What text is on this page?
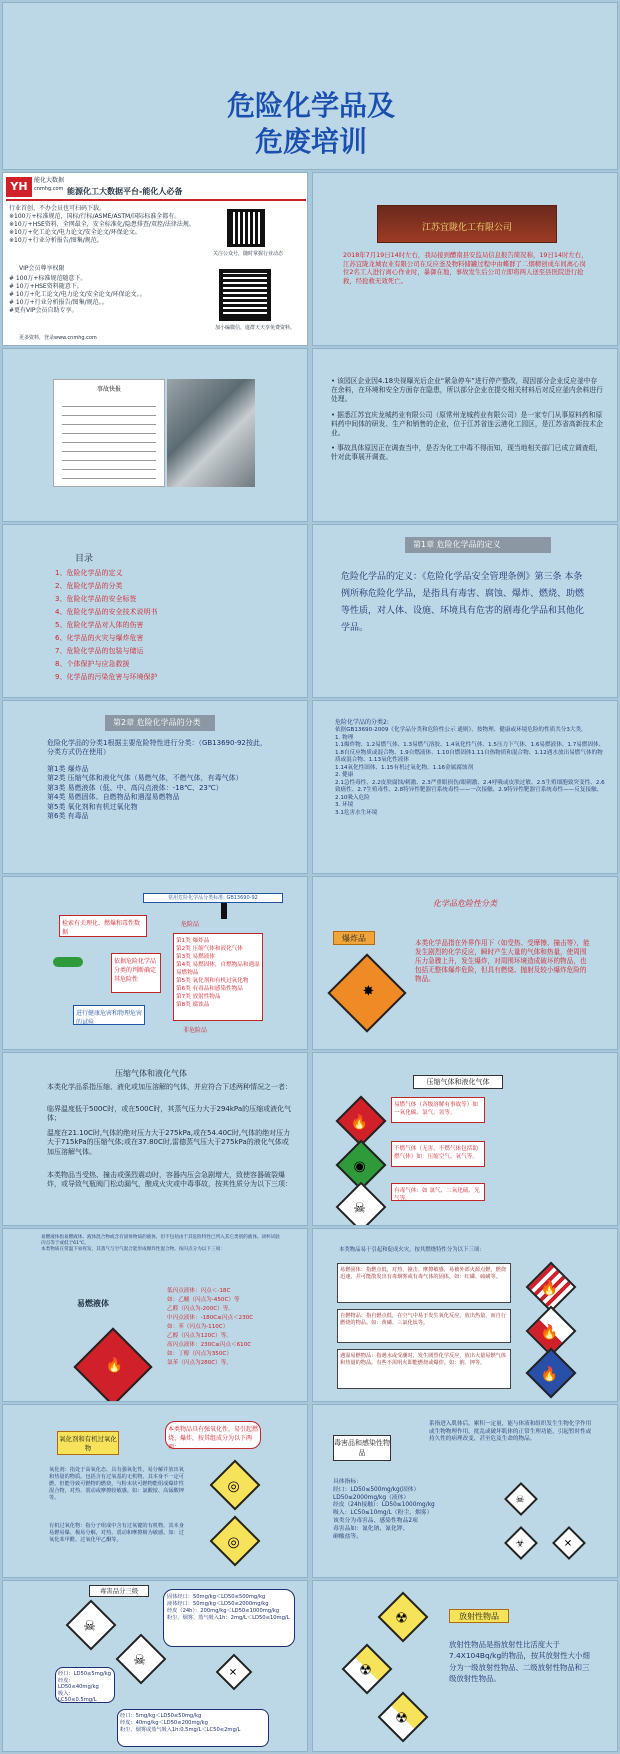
危险化学品及
危废培训
YH	能化大数据
cnmhg.com 能源化工大数据平台-能化人必备
行业首创、不办会员也可扫码下载。
※100万+标准规范，国标/行标/ASME/ASTM/国际标准全都有。
※10万+HSE资料，全网最全，安全标准化/隐患排查/双控/法律法规。
※10万+化工论文/电力论文/安全论文/环保论文。
※10万+行业分析报告/图集/规范。
VIP会员尊享权限
# 100万+标准规范随意下。
# 10万+HSE资料随意下。
# 10万+化工论文/电力论文/安全论文/环保论文。。
# 10万+行业分析报告/图集/规范。。
#更有VIP会员自助专享。
更多资料，登录www.cnmhg.com
关注公众号，随时掌握行业动态
加小编微信，進群天天享免费资料。
江苏宜陇化工有限公司
2018年7月19日14时左右，我局接到醴南县安监局信息报告简况称，19日14时左右，江苏宜陇龙城农业有限公司在反应釜及物料储罐过程中由蝶群了二烟精创成车间离心岗位2名工人进行离心作业时，暴御在地，事故发生后公司立即将两人送至县医院进行抢救，经抢救无效死亡。
事故快报
• 该园区企业因4.18央视曝光后企业“紧急停车”进行停产整改，现因部分企业反应釜中存在余料，在环境和安全方面存在隐患，所以部分企业在提交相关材料后对反应釜内余料进行处理。
• 据悉江苏宜庆龙城药业有限公司（原常州龙城药业有限公司）是一家专门从事原料药和原料药中间体的研发、生产和销售的企业，位于江苏省连云港化工园区，是江苏省高新技术企业。
• 事故具体原因正在调查当中，是否为化工中毒不得而知，现当地相关部门已成立调查组，针对此事展开调查。
目录
1、危险化学品的定义
2、危险化学品的分类
3、危险化学品的安全标签
4、危险化学品的安全技术说明书
5、危险化学品对人体的伤害
6、化学品的火灾与爆炸危害
7、危险化学品的包装与储运
8、个体保护与应急救援
9、化学品的污染危害与环境保护
第1章 危险化学品的定义
危险化学品的定义：《危险化学品安全管理条例》第三条 本条例所称危险化学品，是指具有毒害、腐蚀、爆炸、燃烧、助燃等性质，对人体、设施、环境具有危害的剧毒化学品和其他化学品。
第2章 危险化学品的分类
危险化学品的分类1根据主要危险特性进行分类：（GB13690-92按此，分类方式仍在使用）
第1类 爆炸品
第2类 压缩气体和液化气体（易燃气体，不燃气体，有毒气体）
第3类 易燃液体（低、中、高闪点液体：-18℃、23℃）
第4类 易燃固体、自燃物品和遇湿易燃物品
第5类 氧化剂和有机过氧化物
第6类 有毒品
危险化学品的分类2:
依据GB13690-2009《化学品分类和危险性公示 通则》，按物理、健康或环境危险的性质共分3大类。
1. 物理
1.1爆炸物、1.2易燃气体、1.3易燃气溶胶、1.4氧化性气体、1.5压力下气体、1.6易燃液体、1.7易燃固体、1.8自反应物质或混合物、1.9自燃液体、1.10自燃固体1.11自热物质和混合物、1.12遇水放出易燃气体的物质或混合物、1.13氧化性液体
1.14氧化性固体、1.15有机过氧化物、1.16金属腐蚀剂
2. 健康
2.1急性毒性、2.2皮肤腐蚀/刺激、2.3严重眼损伤/眼刺激、2.4呼吸或皮肤过敏、2.5生殖细胞致突变性、2.6致癌性、2.7生殖毒性、2.8特异性靶器官系统毒性——一次接触、2.9特异性靶器官系统毒性——反复接触、2.10吸入危险
3. 环境
3.1危害水生环境
常用危险化学品分类标准: GB13690-92
检索有关理化、燃爆和毒性数据
依据危险化学品分类的判断确定其危险性
进行健康危害和物理危害的试验
危险品
第1类 爆炸品
第2类 压缩气体和液化气体
第3类 易燃液体
第4类 易燃固体，自燃物品和遇湿易燃物品
第5类 氧化剂和有机过氧化物
第6类 有毒品和感染性物品
第7类 放射性物品
第8类 腐蚀品
非危险品
化学品危险性分类
爆炸品
✸
本类化学品指在外界作用下（如受热、受摩擦、撞击等），能发生剧烈的化学反应，瞬时产生大量的气体和热量，使周围压力急骤上升，发生爆炸，对周围环境造成破坏的物品，也包括无整体爆炸危险，但具有燃烧、抛射及较小爆炸危险的物品。
压缩气体和液化气体
本类化学品系指压缩、液化或加压溶解的气体，并应符合下述两种情况之一者：
临界温度低于500C时，或在500C时，其蒸气压力大于294kPa的压缩或液化气体；
温度在21.10C时,气体的绝对压力大于275kPa,或在54.40C时,气体的绝对压力大于715kPa的压缩气体;或在37.80C时,雷德蒸气压大于275kPa的液化气体或加压溶解气体。
本类物品当受热、撞击或强烈震动时，容器内压会急剧增大，致使容器破裂爆炸，或导致气瓶阀门松动漏气，酿成火灾或中毒事故，按其性质分为以下三项：
压缩气体和液化气体
🔥
易燃气体（各级溶解有事故等）如一氧化碳、氯气、氢等。
◉
不燃气体（无害，不燃气体包括助燃气体）如：压缩空气、氧气等。
☠
有毒气体：如 氯气、二氧化硫、光气等。
易燃液体指易燃液体、液体混合物或含有固体物质的液体，但不包括由于其危险特性已列入其它类别的液体。闭杯试验闪点等于或低于61℃。
本类物质在常温下易挥发，其蒸气与空气混合能形成爆炸性混合物。按闪点分为以下三项：
易燃液体
🔥
低闪点液体：闪点＜-18C
如：乙醚（闪点为-450C）等
乙醛（闪点为-200C）等。
中闪点液体：-180C≤闪点＜230C
如：苯（闪点为-110C）
乙醇（闪点为120C）等。
高闪点液体：230C≤闪点＜610C
如：丁醇（闪点为350C）
氯苯（闪点为280C）等。
本类物品易于引起和促成火灾，按其燃烧特性分为以下三项：
易燃固体：指燃点低，对热、撞击、摩擦敏感，易被外部火源点燃，燃烧迅速，并可能散发出有毒烟雾或有毒气体的固体。如：红磷、硫磺等。
🔥
自燃物品：指自燃点低，在空气中易于发生氧化反应，放出热量，而自行燃烧的物品。如：黄磷、三氯化钛等。
🔥
遇湿易燃物品：指遇水或受潮时，发生剧烈化学反应，放出大量易燃气体和热量的物品。有些不需明火即能燃烧或爆炸。如：钠、钾等。
🔥
氧化剂和有机过氧化物
本类物品具有强氧化性，易引起燃烧、爆炸，按其组成分为以下两项：
氧化剂：指处于高氧化态，具有强氧化性，易分解并放出氧和热量的物质。包括含有过氧基的无机物，其本身不一定可燃，但能导致可燃物的燃烧，与粉末状可燃物能组成爆炸性混合物，对热、震动或摩擦较敏感。如：氯酸铵、高锰酸钾等。
有机过氧化物：指分子组成中含有过氧键的有机物，其本身易燃易爆、极易分解，对热、震动和摩擦极为敏感。如：过氧化苯甲酰、过氧化甲乙酮等。
◎
◎
毒害品和感染性物品
系指进入肌体后，累积一定量，能与体液和组织发生生物化学作用或生物物理作用，扰乱或破坏肌体的正常生理功能，引起暂时性或持久性的病理改变，甚至危及生命的物品。
具体指标：
经口：LD50≤500mg/kg(固体）
LD50≤2000mg/kg（液体）
经皮（24h接触）：LD50≤1000mg/kg
吸入：LC50≤10mg/L（粉尘、烟雾）
该类分为毒害品、感染性物品2项
毒害品如：氰化钠、氰化钾、
砷酸盐等。
☠
☣	✕
毒害品分三级
固体经口：50mg/kg＜LD50≤500mg/kg
液体经口：50mg/kg＜LD50≤2000mg/kg
经皮（24h）：200mg/kg＜LD50≤1000mg/kg
粉尘、烟雾、蒸气吸入1h：2mg/L＜LD50≤10mg/L
☠
☠
✕
经口：LD50≤5mg/kg
经皮：LD50≤40mg/kg
吸入：LC50≤0.5mg/L
经口：5mg/kg＜LD50≤50mg/kg
经皮：40mg/kg＜LD50≤200mg/kg
粉尘、烟雾或蒸气吸入1h:0.5mg/L＜LC50≤2mg/L
☢
☢
☢
放射性物品
放射性物品是指放射性比活度大于7.4X104Bq/kg的物品，按其放射性大小细分为一级放射性物品、二级放射性物品和三级放射性物品。
